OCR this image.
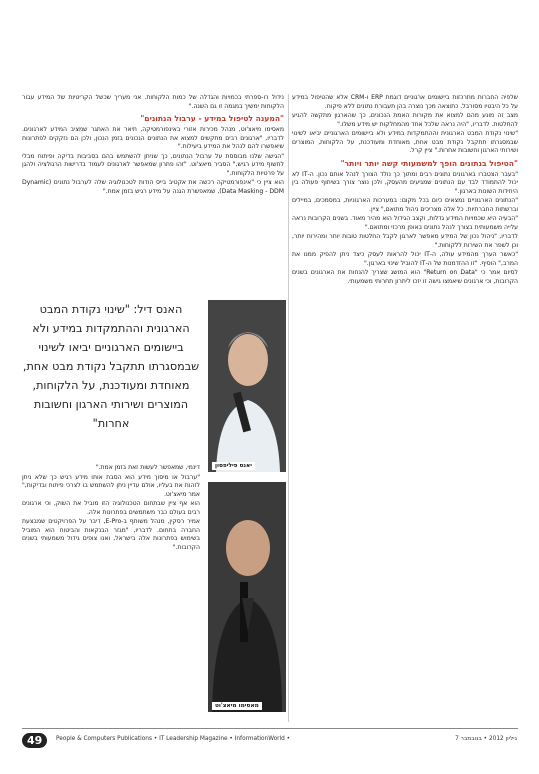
שלפיה החברות מתרכזות ביישומים ארגוניים דוגמת ERP ו-CRM אלא שהטיפול במידע על כל היבטיו מסורבל. כתוצאה מכך נוצרה בהן תעבורת נתונים ללא פיקוח.

מצב זה מונע מהם למצוא את מקורות האמת הנכונים, כך שהארגון מתקשה להגיע להחלטות. לדבריו, "היה נראה שלכל אחד מהמחלקות יש מידע משלו."

"שינוי נקודת המבט הארגונית וההתמקדות במידע ולא ביישומים הארגוניים יביאו לשינוי שבמסגרתו תתקבל נקודת מבט אחת, מאוחדת ומעודכנת, על הלקוחות, המוצרים ושירותי הארגון וחשובות אחרות." ציין קרל.

"הטיפול בנתונים הופך למשמעותי קשה יותר ויותר"

"בעבר הצטברו בארגונים נתונים רבים ומתוך כך נולד הצורך לנהל אותם נכון. ה-IT לא יכול להתמודד לבד עם הנתונים שמגיעים מהעסק, ולכן נוצר צורך בשיתוף פעולה בין היחידות השונות בארגון."

"הנתונים הארגוניים נמצאים כיום בכל מקום: במערכות הארגוניות, במסמכים, במיילים וברשתות החברתיות. כל אלה מצריכים ניהול מתואם," ציין.

"הבעיה היא שכמויות המידע גדלות, וקצב הגידול הוא מהיר מאוד. בשנים הקרובות נראה עלייה משמעותית בצורך לנהל נתונים באופן מרכזי ומתואם."

לדבריו, "ניהול נכון של המידע מאפשר לארגון לקבל החלטות טובות יותר ומהירות יותר, וכן לשפר את השירות ללקוחות."

"כאשר הערך מהמידע עולה, ה-IT יכול להראות לעסק כיצד ניתן להפיק ממנו את המרב," הוסיף. "זו ההזדמנות של ה-IT להוביל שינוי בארגון."

לסיום אמר כי "Return on Data" הוא המושג שצריך להנחות את הארגונים בשנים הקרובות, וכי ארגונים שיאמצו גישה זו יזכו ליתרון תחרותי משמעותי.

נידול רו-ספרתי בכמויות והגדלה של כמות הלקוחות. אני מעריך שכשל הקריטיות של המידע עבור הלקוחות ימשיך במגמה זו גם השנה."

"המענה לטיפול במידע - ערבול הנתונים"

מאסימו מיאצ'וט, מנהל מכירות אזורי באינפורמטיקה, תיאר את האתגר שמציב המידע לארגונים. לדבריו, "ארגונים רבים מתקשים למצוא את הנתונים הנכונים בזמן הנכון, ולכן הם נזקקים לפתרונות שיאפשרו להם לנהל את המידע ביעילות."

"הגישה שלנו מבוססת על ערבול הנתונים, כך שניתן להשתמש בהם בסביבות בדיקה ופיתוח מבלי לחשוף מידע רגיש," הסביר מיאצ'וט. "זהו פתרון שמאפשר לארגונים לעמוד בדרישות הרגולציה ולהגן על פרטיות הלקוחות."

הוא ציין כי "אינפורמטיקה רכשה את אקטיב בייס הודות לטכנולוגיה שלה לערבול נתונים (Dynamic Data Masking - DDM), שמאפשרת הגנה על מידע רגיש בזמן אמת."

האנס דיל: "שינוי נקודת המבט הארגונית וההתמקדות במידע ולא ביישומים הארגוניים יביאו לשינוי שבמסגרתו תתקבל נקודת מבט אחת, מאוחדת ומעודכנת, על הלקוחות, המוצרים ושירותי הארגון וחשובות אחרות"
יאנס פיליפסון
מאסימו מיאצ'וט

דינמי, שמאפשר לעשות זאת בזמן אמת."

"ערבול או מיסוך מידע הוא הסבת אותו מידע רגיש כך שלא ניתן לזהות את בעליו, אולם עדיין ניתן להשתמש בו לצרכי פיתוח ובדיקות," אמר מיאצ'וט.

הוא אף ציין שבתחום הטכנולוגיה הזו מוביל את השוק, וכי ארגונים רבים בעולם כבר משתמשים בפתרונות אלה.

אמיר רסקין, מנהל משותף ב-E-Pro, דיבר על הפרויקטים שמבצעת החברה בתחום. לדבריו, "מגזר הבנקאות והביטוח הוא המוביל בשימוש בפתרונות אלה בישראל, ואנו צופים גידול משמעותי בשנים הקרובות."

49	People & Computers Publications • IT Leadership Magazine • InformationWorld •	גיליון 2012 • בנובמבר 7
